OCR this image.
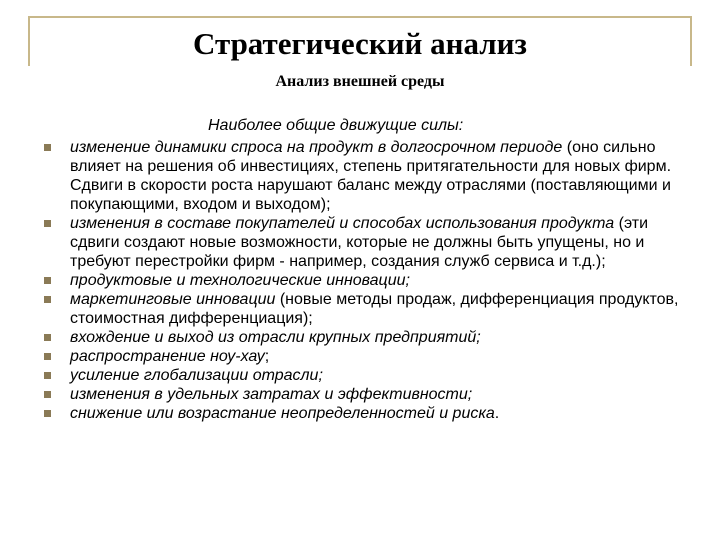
Стратегический анализ
Анализ внешней среды
Наиболее общие движущие силы:
изменение динамики спроса на продукт в долгосрочном периоде (оно сильно влияет на решения об инвестициях, степень притягательности для новых фирм. Сдвиги в скорости роста нарушают баланс между отраслями (поставляющими и покупающими, входом и выходом);
изменения в составе покупателей и способах использования продукта (эти сдвиги создают новые возможности, которые не должны быть упущены, но и требуют перестройки фирм - например, создания служб сервиса и т.д.);
продуктовые и технологические инновации;
маркетинговые инновации (новые методы продаж, дифференциация продуктов, стоимостная дифференциация);
вхождение и выход из отрасли крупных предприятий;
распространение ноу-хау;
усиление глобализации отрасли;
изменения в удельных затратах и эффективности;
снижение или возрастание неопределенностей и риска.
